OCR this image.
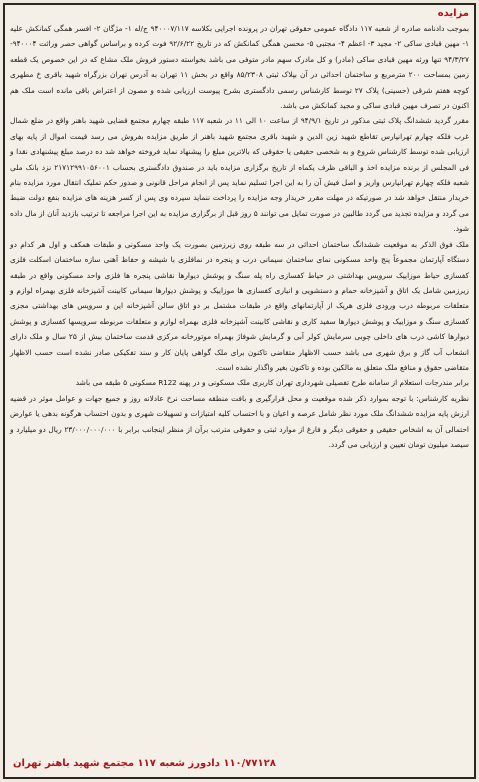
مزایده

بموجب دادنامه صادره از شعبه ۱۱۷ دادگاه عمومی حقوقی تهران در پرونده اجرایی بکلاسه ۹۴۰۰۰۷/۱۱۷ ج/له ۱- مژگان ۲- افسر همگی کمانکش علیه ۱- مهین قبادی ساکی ۲- مجید ۳- اعظم ۴- مجتبی ۵- محسن همگی کمانکش که در تاریخ ۹۲/۶/۲۲ فوت کرده و براساس گواهی حصر وراثت ۹۴۰۰۰۴- ۹۴/۳/۲۷ تنها ورثه مهین قبادی ساکی (مادر) و کل مادرک سهم مادر متوفی می باشد بخواسته دستور فروش ملک مشاع که در این خصوص یک قطعه زمین بمساحت ۲۰۰ مترمربع و ساختمان احداثی در آن بپلاک ثبتی ۸۵/۲۳۰۸ واقع در بخش ۱۱ تهران به آدرس تهران بزرگراه شهید باقری خ مطهری کوچه هفتم شرقی (حسینی) پلاک ۲۷ توسط کارشناس رسمی دادگستری بشرح پیوست ارزیابی شده و مصون از اعتراض باقی مانده است ملک هم اکنون در تصرف مهین قبادی ساکی و مجید کمانکش می باشد.

مقرر گردید ششدانگ پلاک ثبتی مذکور در تاریخ ۹۴/۹/۱ از ساعت ۱۰ الی ۱۱ در شعبه ۱۱۷ طبقه چهارم مجتمع قضایی شهید باهنر واقع در ضلع شمال غرب فلکه چهارم تهرانپارس تقاطع شهید زین الدین و شهید باقری مجتمع شهید باهنر از طریق مزایده بفروش می رسد قیمت اموال از پایه بهای ارزیابی شده توسط کارشناس شروع و به شخصی حقیقی یا حقوقی که بالاترین مبلغ را پیشنهاد نماید فروخته خواهد شد ده درصد مبلغ پیشنهادی نقدا و فی المجلس از برنده مزایده اخذ و الباقی ظرف یکماه از تاریخ برگزاری مزایده باید در صندوق دادگستری بحساب ۲۱۷۱۲۹۹۱۰۵۶۰۰۱ نزد بانک ملی شعبه فلکه چهارم تهرانپارس واریز و اصل فیش آن را به این اجرا تسلیم نماید پس از انجام مراحل قانونی و صدور حکم تملیک انتقال مورد مزایده بنام خریدار منتقل خواهد شد در صورتیکه در مهلت مقرر خریدار وجه مزایده را پرداخت ننماید سپرده وی پس از کسر هزینه های مزایده بنفع دولت ضبط می گردد و مزایده تجدید می گردد طالبین در صورت تمایل می توانند ۵ روز قبل از برگزاری مزایده به این اجرا مراجعه تا ترتیب بازدید آنان از مال داده شود.

ملک فوق الذکر به موقعیت ششدانگ ساختمان احداثی در سه طبقه روی زیرزمین بصورت یک واحد مسکونی و طبقات همکف و اول هر کدام دو دستگاه آپارتمان مجموعاً پنج واحد مسکونی نمای ساختمان سیمانی درب و پنجره در نمافلزی با شیشه و حفاظ آهنی سازه ساختمان اسکلت فلزی کفسازی حیاط موزاییک سرویس بهداشتی در حیاط کفسازی راه پله سنگ و پوشش دیوارها نقاشی پنجره ها فلزی واحد مسکونی واقع در طبقه زیرزمین شامل یک اتاق و آشپزخانه حمام و دستشویی و انباری کفسازی ها موزاییک و پوشش دیوارها سیمانی کابینت آشپزخانه فلزی بهمراه لوازم و متعلقات مربوطه درب ورودی فلزی هریک از آپارتمانهای واقع در طبقات مشتمل بر دو اتاق سالن آشپزخانه این و سرویس های بهداشتی مجزی کفسازی سنگ و موزاییک و پوشش دیوارها سفید کاری و نقاشی کابینت آشپزخانه فلزی بهمراه لوازم و متعلقات مربوطه سرویسها کفسازی و پوشش دیوارها کاشی درب های داخلی چوبی سرمایش کولر آبی و گرمایش شوفاژ بهمراه موتورخانه مرکزی قدمت ساختمان بیش از ۲۵ سال و ملک دارای انشعاب آب گاز و برق شهری می باشد حسب الاظهار متقاضی تاکنون برای ملک گواهی پایان کار و سند تفکیکی صادر نشده است حسب الاظهار متقاضی حقوق و منافع ملک متعلق به مالکین بوده و تاکنون بغیر واگذار نشده است.

برابر مندرجات استعلام از سامانه طرح تفصیلی شهرداری تهران کاربری ملک مسکونی و در پهنه R122 مسکونی ۵ طبقه می باشد

نظریه کارشناس: با توجه بموارد ذکر شده موقعیت و محل قرارگیری و بافت منطقه مساحت نرخ عادلانه روز و جمیع جهات و عوامل موثر در قضیه ارزش پایه مزایده ششدانگ ملک مورد نظر شامل عرصه و اعیان و با احتساب کلیه امتیازات و تسهیلات شهری و بدون احتساب هرگونه بدهی یا عوارض احتمالی آن به اشخاص حقیقی و حقوقی دیگر و فارغ از موارد ثبتی و حقوقی مترتب برآن از منظر اینجانب برابر با ۲۳/۰۰۰/۰۰۰/۰۰۰ ریال دو میلیارد و سیصد میلیون تومان تعیین و ارزیابی می گردد.

۱۱۰/۷۷۱۲۸ دادورز شعبه ۱۱۷ مجتمع شهید باهنر تهران
